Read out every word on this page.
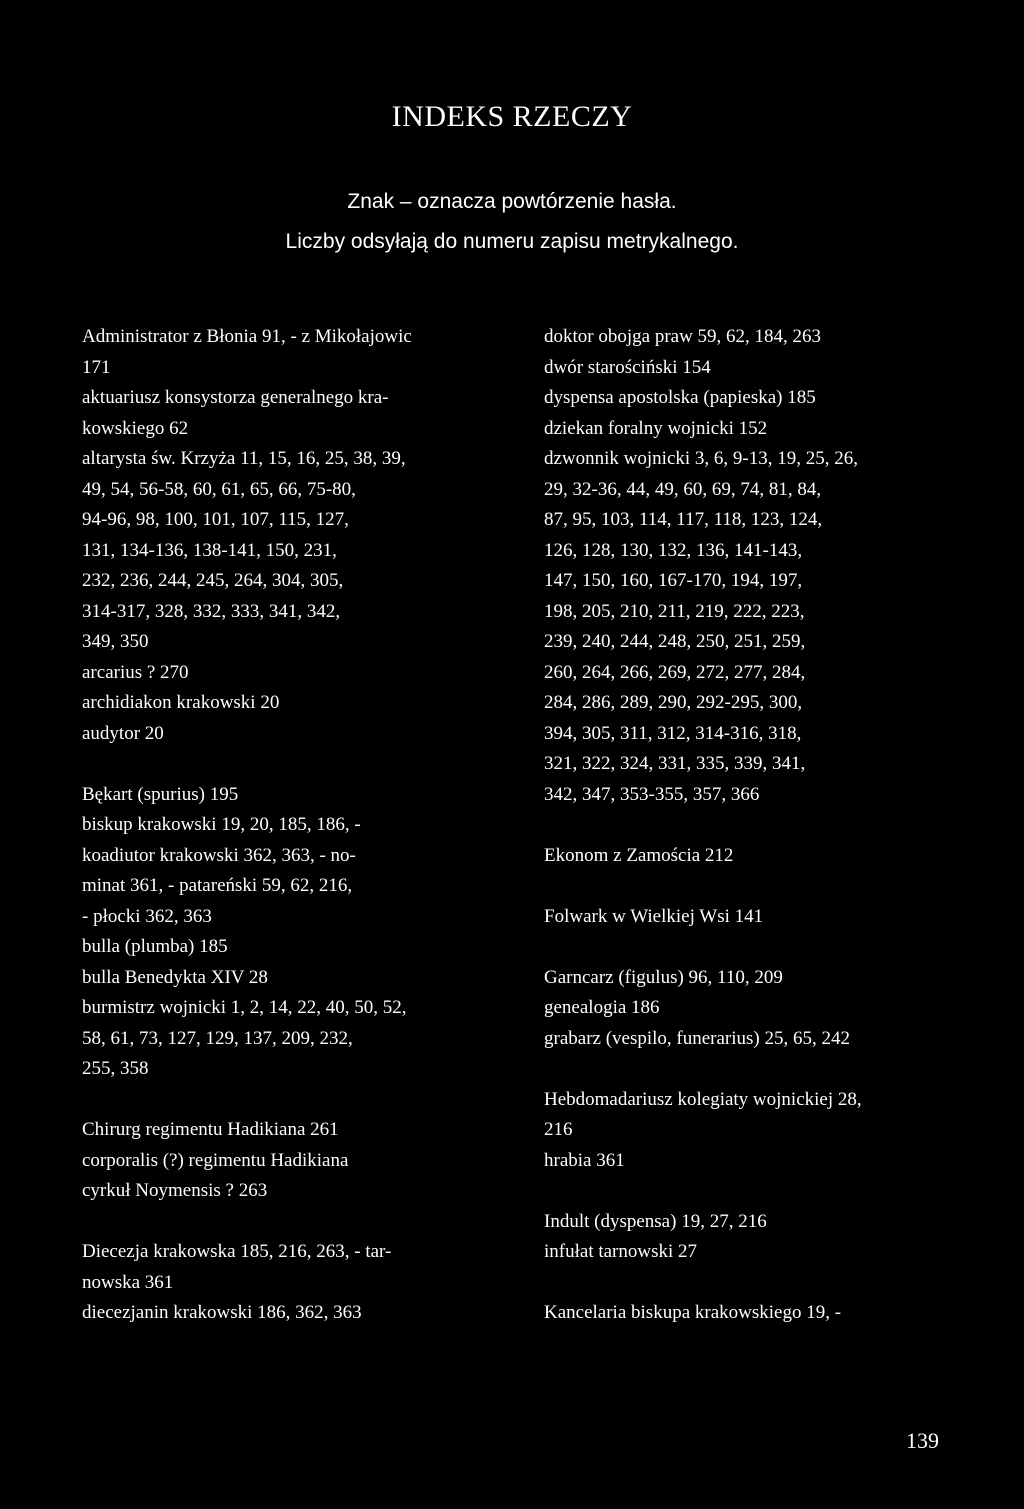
INDEKS RZECZY
Znak – oznacza powtórzenie hasła.
Liczby odsyłają do numeru zapisu metrykalnego.
Administrator z Błonia 91, - z Mikołajowic
171
aktuariusz konsystorza generalnego kra-
kowskiego 62
altarysta św. Krzyża 11, 15, 16, 25, 38, 39,
49, 54, 56-58, 60, 61, 65, 66, 75-80,
94-96, 98, 100, 101, 107, 115, 127,
131, 134-136, 138-141, 150, 231,
232, 236, 244, 245, 264, 304, 305,
314-317, 328, 332, 333, 341, 342,
349, 350
arcarius ? 270
archidiakon krakowski 20
audytor 20
Bękart (spurius) 195
biskup krakowski 19, 20, 185, 186, -
koadiutor krakowski 362, 363, - no-
minat 361, - patareński 59, 62, 216,
- płocki 362, 363
bulla (plumba) 185
bulla Benedykta XIV 28
burmistrz wojnicki 1, 2, 14, 22, 40, 50, 52,
58, 61, 73, 127, 129, 137, 209, 232,
255, 358
Chirurg regimentu Hadikiana 261
corporalis (?) regimentu Hadikiana
cyrkuł Noymensis ? 263
Diecezja krakowska 185, 216, 263, - tar-
nowska 361
diecezjanin krakowski 186, 362, 363
doktor obojga praw 59, 62, 184, 263
dwór starościński 154
dyspensa apostolska (papieska) 185
dziekan foralny wojnicki 152
dzwonnik wojnicki 3, 6, 9-13, 19, 25, 26,
29, 32-36, 44, 49, 60, 69, 74, 81, 84,
87, 95, 103, 114, 117, 118, 123, 124,
126, 128, 130, 132, 136, 141-143,
147, 150, 160, 167-170, 194, 197,
198, 205, 210, 211, 219, 222, 223,
239, 240, 244, 248, 250, 251, 259,
260, 264, 266, 269, 272, 277, 284,
284, 286, 289, 290, 292-295, 300,
394, 305, 311, 312, 314-316, 318,
321, 322, 324, 331, 335, 339, 341,
342, 347, 353-355, 357, 366
Ekonom z Zamościa 212
Folwark w Wielkiej Wsi 141
Garncarz (figulus) 96, 110, 209
genealogia 186
grabarz (vespilo, funerarius) 25, 65, 242
Hebdomadariusz kolegiaty wojnickiej 28,
216
hrabia 361
Indult (dyspensa) 19, 27, 216
infułat tarnowski 27
Kancelaria biskupa krakowskiego 19, -
139
